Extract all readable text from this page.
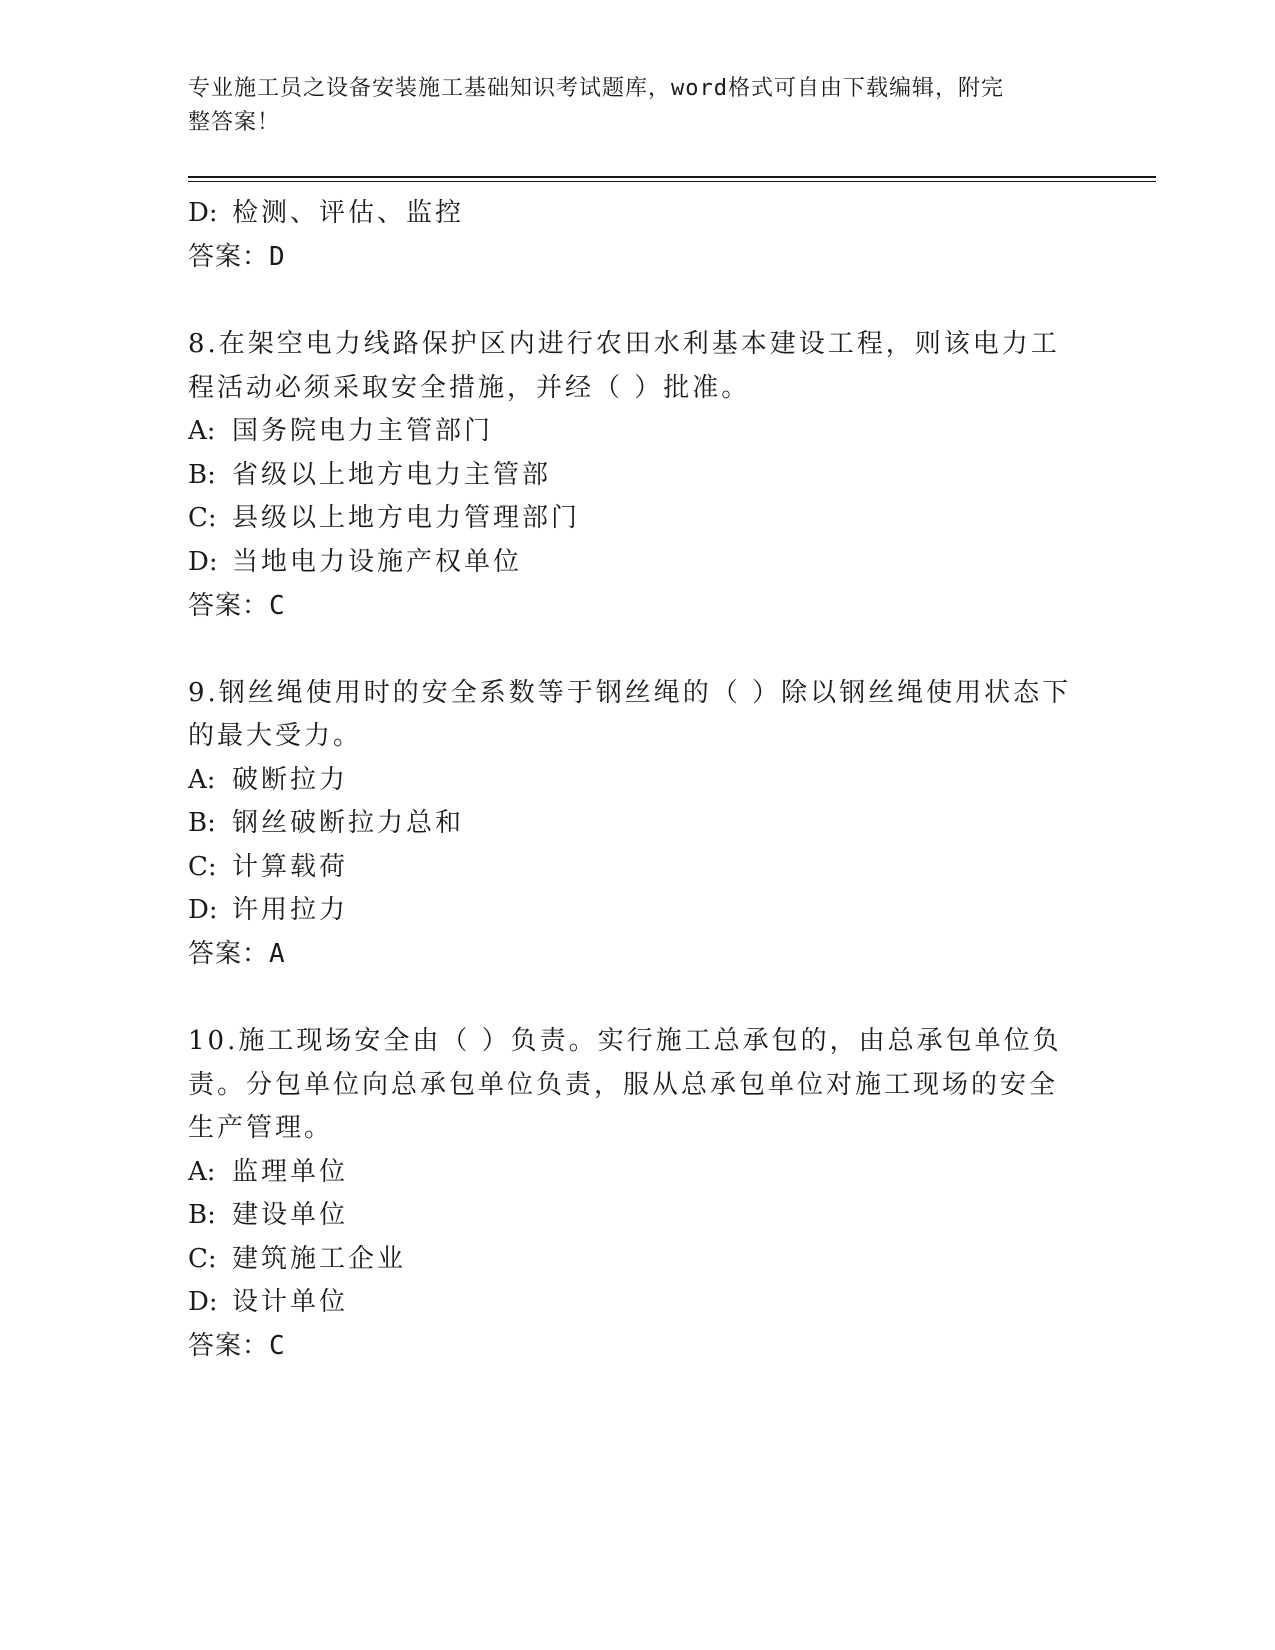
专业施工员之设备安装施工基础知识考试题库，word格式可自由下载编辑，附完
整答案！
D: 检测、评估、监控
答案：D
8.在架空电力线路保护区内进行农田水利基本建设工程，则该电力工
程活动必须采取安全措施，并经（ ）批准。
A: 国务院电力主管部门
B: 省级以上地方电力主管部
C: 县级以上地方电力管理部门
D: 当地电力设施产权单位
答案：C
9.钢丝绳使用时的安全系数等于钢丝绳的（ ）除以钢丝绳使用状态下
的最大受力。
A: 破断拉力
B: 钢丝破断拉力总和
C: 计算载荷
D: 许用拉力
答案：A
10.施工现场安全由（ ）负责。实行施工总承包的，由总承包单位负
责。分包单位向总承包单位负责，服从总承包单位对施工现场的安全
生产管理。
A: 监理单位
B: 建设单位
C: 建筑施工企业
D: 设计单位
答案：C
